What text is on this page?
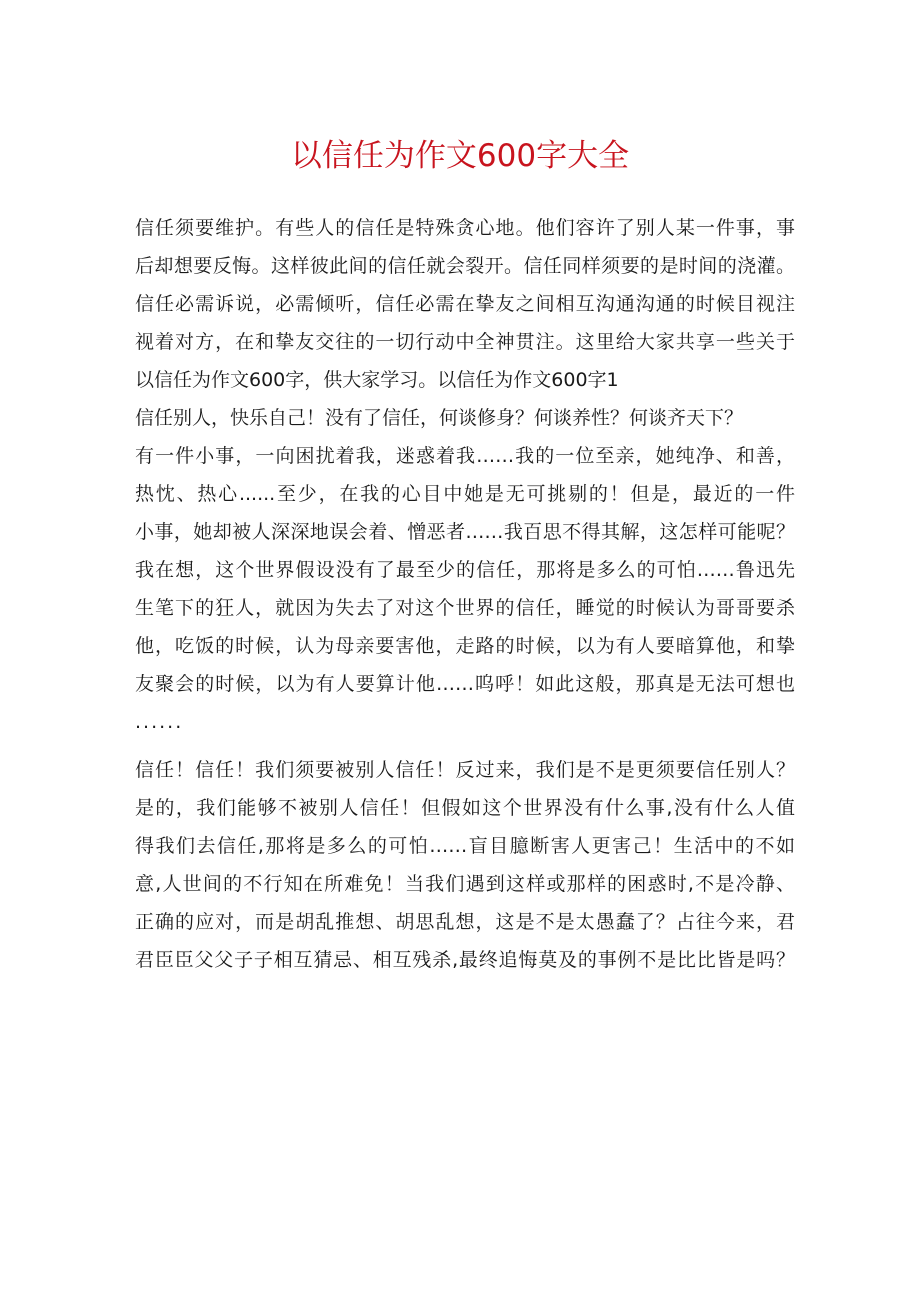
以信任为作文600字大全
信任须要维护。有些人的信任是特殊贪心地。他们容许了别人某一件事，事
后却想要反悔。这样彼此间的信任就会裂开。信任同样须要的是时间的浇灌。
信任必需诉说，必需倾听，信任必需在挚友之间相互沟通沟通的时候目视注
视着对方，在和挚友交往的一切行动中全神贯注。这里给大家共享一些关于
以信任为作文600字，供大家学习。以信任为作文600字1
信任别人，快乐自己！没有了信任，何谈修身？何谈养性？何谈齐天下？
有一件小事，一向困扰着我，迷惑着我……我的一位至亲，她纯净、和善，
热忱、热心......至少，在我的心目中她是无可挑剔的！但是，最近的一件
小事，她却被人深深地误会着、憎恶者……我百思不得其解，这怎样可能呢？
我在想，这个世界假设没有了最至少的信任，那将是多么的可怕……鲁迅先
生笔下的狂人，就因为失去了对这个世界的信任，睡觉的时候认为哥哥要杀
他，吃饭的时候，认为母亲要害他，走路的时候，以为有人要暗算他，和挚
友聚会的时候，以为有人要算计他……呜呼！如此这般，那真是无法可想也
......
信任！信任！我们须要被别人信任！反过来，我们是不是更须要信任别人？
是的，我们能够不被别人信任！但假如这个世界没有什么事,没有什么人值
得我们去信任,那将是多么的可怕……盲目臆断害人更害己！生活中的不如
意,人世间的不行知在所难免！当我们遇到这样或那样的困惑时,不是冷静、
正确的应对，而是胡乱推想、胡思乱想，这是不是太愚蠢了？占往今来，君
君臣臣父父子子相互猜忌、相互残杀,最终追悔莫及的事例不是比比皆是吗？
